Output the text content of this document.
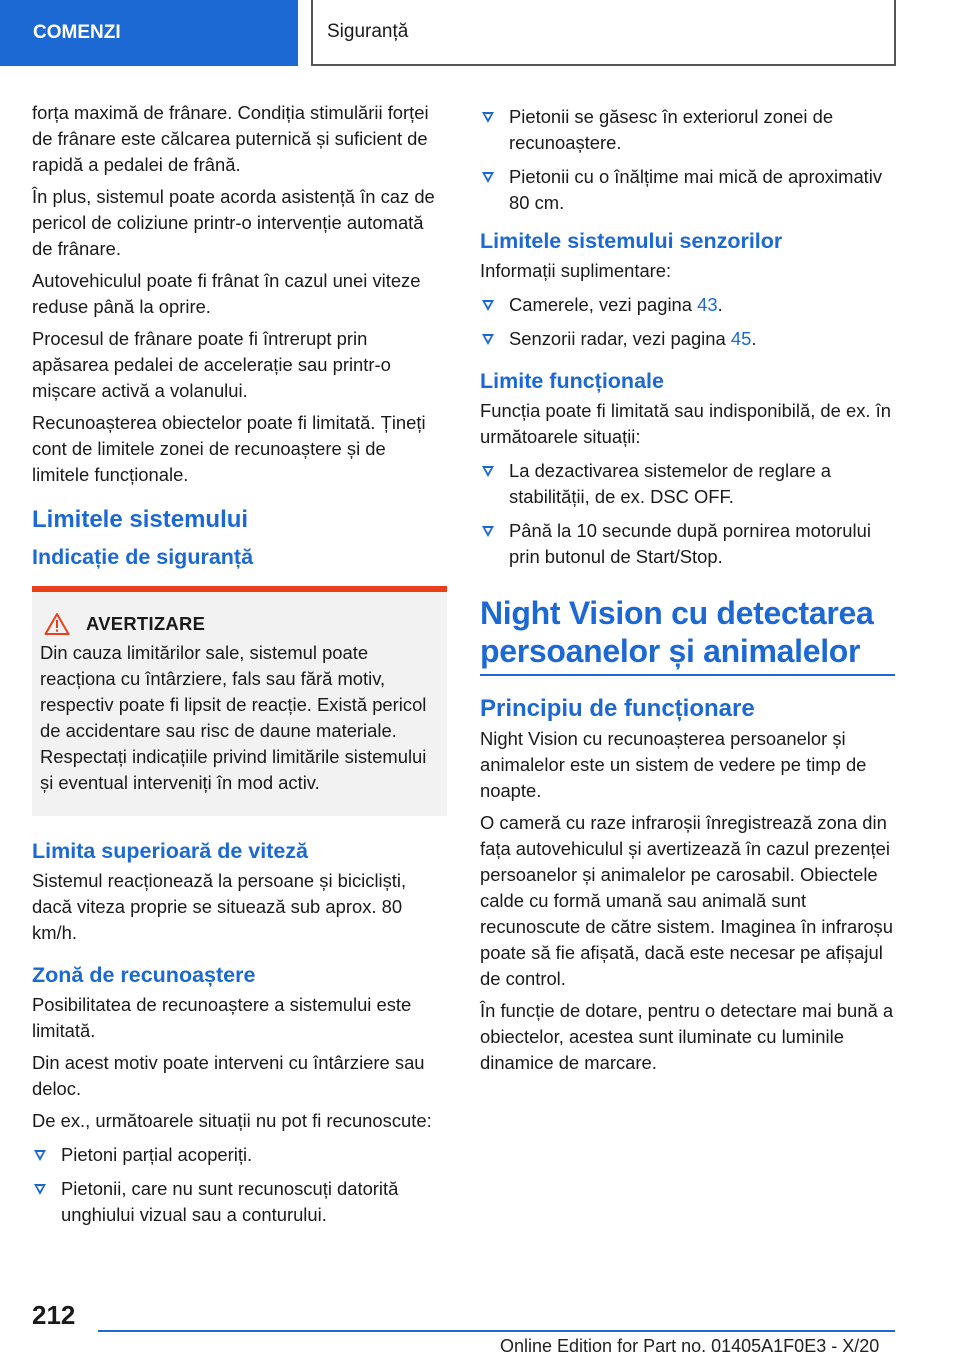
COMENZI	Siguranță

forța maximă de frânare. Condiția stimulării forței de frânare este călcarea puternică și suficient de rapidă a pedalei de frână.

În plus, sistemul poate acorda asistență în caz de pericol de coliziune printr-o intervenție automată de frânare.

Autovehiculul poate fi frânat în cazul unei viteze reduse până la oprire.

Procesul de frânare poate fi întrerupt prin apăsarea pedalei de accelerație sau printr-o mișcare activă a volanului.

Recunoașterea obiectelor poate fi limitată. Țineți cont de limitele zonei de recunoaștere și de limitele funcționale.

Limitele sistemului
Indicație de siguranță
AVERTIZARE

Din cauza limitărilor sale, sistemul poate reacționa cu întârziere, fals sau fără motiv, respectiv poate fi lipsit de reacție. Există pericol de accidentare sau risc de daune materiale. Respectați indicațiile privind limitările sistemului și eventual interveniți în mod activ.

Limita superioară de viteză

Sistemul reacționează la persoane și bicicliști, dacă viteza proprie se situează sub aprox. 80 km/h.

Zonă de recunoaștere

Posibilitatea de recunoaștere a sistemului este limitată.

Din acest motiv poate interveni cu întârziere sau deloc.

De ex., următoarele situații nu pot fi recunoscute:

Pietoni parțial acoperiți.
Pietonii, care nu sunt recunoscuți datorită unghiului vizual sau a conturului.
Pietonii se găsesc în exteriorul zonei de recunoaștere.
Pietonii cu o înălțime mai mică de aproximativ 80 cm.
Limitele sistemului senzorilor

Informații suplimentare:

Camerele, vezi pagina 43.
Senzorii radar, vezi pagina 45.
Limite funcționale

Funcția poate fi limitată sau indisponibilă, de ex. în următoarele situații:

La dezactivarea sistemelor de reglare a stabilității, de ex. DSC OFF.
Până la 10 secunde după pornirea motorului prin butonul de Start/Stop.
Night Vision cu detectarea persoanelor și animalelor
Principiu de funcționare

Night Vision cu recunoașterea persoanelor și animalelor este un sistem de vedere pe timp de noapte.

O cameră cu raze infraroșii înregistrează zona din fața autovehiculul și avertizează în cazul prezenței persoanelor și animalelor pe carosabil. Obiectele calde cu formă umană sau animală sunt recunoscute de către sistem. Imaginea în infraroșu poate să fie afișată, dacă este necesar pe afișajul de control.

În funcție de dotare, pentru o detectare mai bună a obiectelor, acestea sunt iluminate cu luminile dinamice de marcare.

212
Online Edition for Part no. 01405A1F0E3 - X/20
